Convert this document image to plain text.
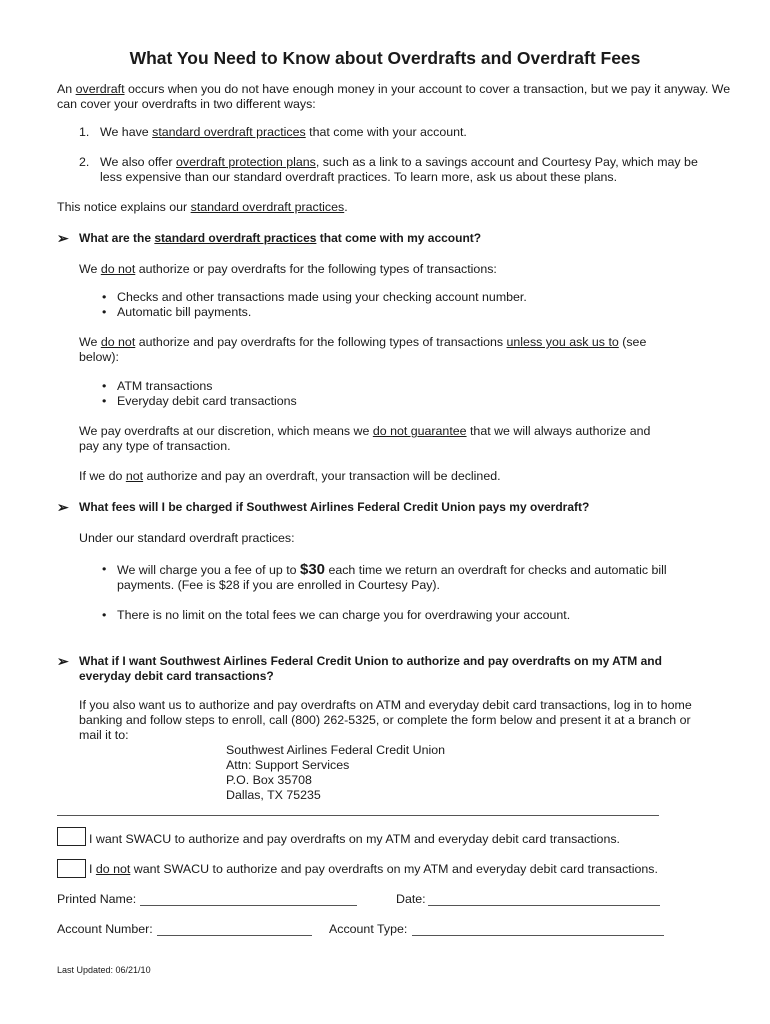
What You Need to Know about Overdrafts and Overdraft Fees
An overdraft occurs when you do not have enough money in your account to cover a transaction, but we pay it anyway. We
can cover your overdrafts in two different ways:
1. We have standard overdraft practices that come with your account.
2. We also offer overdraft protection plans, such as a link to a savings account and Courtesy Pay, which may be
less expensive than our standard overdraft practices. To learn more, ask us about these plans.
This notice explains our standard overdraft practices.
➢ What are the standard overdraft practices that come with my account?
We do not authorize or pay overdrafts for the following types of transactions:
• Checks and other transactions made using your checking account number.
• Automatic bill payments.
We do not authorize and pay overdrafts for the following types of transactions unless you ask us to (see
below):
• ATM transactions
• Everyday debit card transactions
We pay overdrafts at our discretion, which means we do not guarantee that we will always authorize and
pay any type of transaction.
If we do not authorize and pay an overdraft, your transaction will be declined.
➢ What fees will I be charged if Southwest Airlines Federal Credit Union pays my overdraft?
Under our standard overdraft practices:
• We will charge you a fee of up to $30 each time we return an overdraft for checks and automatic bill
payments. (Fee is $28 if you are enrolled in Courtesy Pay).
• There is no limit on the total fees we can charge you for overdrawing your account.
➢ What if I want Southwest Airlines Federal Credit Union to authorize and pay overdrafts on my ATM and
everyday debit card transactions?
If you also want us to authorize and pay overdrafts on ATM and everyday debit card transactions, log in to home
banking and follow steps to enroll, call (800) 262-5325, or complete the form below and present it at a branch or
mail it to:
Southwest Airlines Federal Credit Union
Attn: Support Services
P.O. Box 35708
Dallas, TX 75235
I want SWACU to authorize and pay overdrafts on my ATM and everyday debit card transactions.
I do not want SWACU to authorize and pay overdrafts on my ATM and everyday debit card transactions.
Printed Name:	Date:
Account Number:	Account Type:
Last Updated: 06/21/10
